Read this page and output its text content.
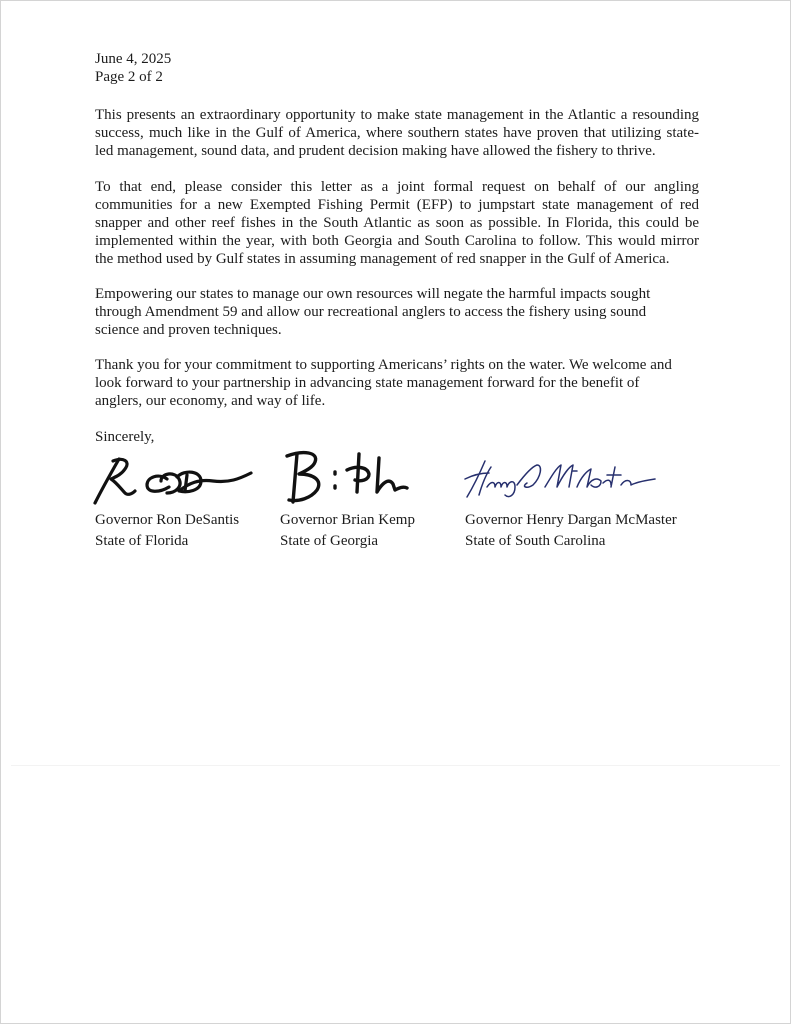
June 4, 2025
Page 2 of 2

This presents an extraordinary opportunity to make state management in the Atlantic a resounding
success, much like in the Gulf of America, where southern states have proven that utilizing state-
led management, sound data, and prudent decision making have allowed the fishery to thrive.

To that end, please consider this letter as a joint formal request on behalf of our angling
communities for a new Exempted Fishing Permit (EFP) to jumpstart state management of red
snapper and other reef fishes in the South Atlantic as soon as possible. In Florida, this could be
implemented within the year, with both Georgia and South Carolina to follow. This would mirror
the method used by Gulf states in assuming management of red snapper in the Gulf of America.

Empowering our states to manage our own resources will negate the harmful impacts sought
through Amendment 59 and allow our recreational anglers to access the fishery using sound
science and proven techniques.

Thank you for your commitment to supporting Americans’ rights on the water. We welcome and
look forward to your partnership in advancing state management forward for the benefit of
anglers, our economy, and way of life.

Sincerely,
Governor Ron DeSantis
State of Florida
Governor Brian Kemp
State of Georgia
Governor Henry Dargan McMaster
State of South Carolina
